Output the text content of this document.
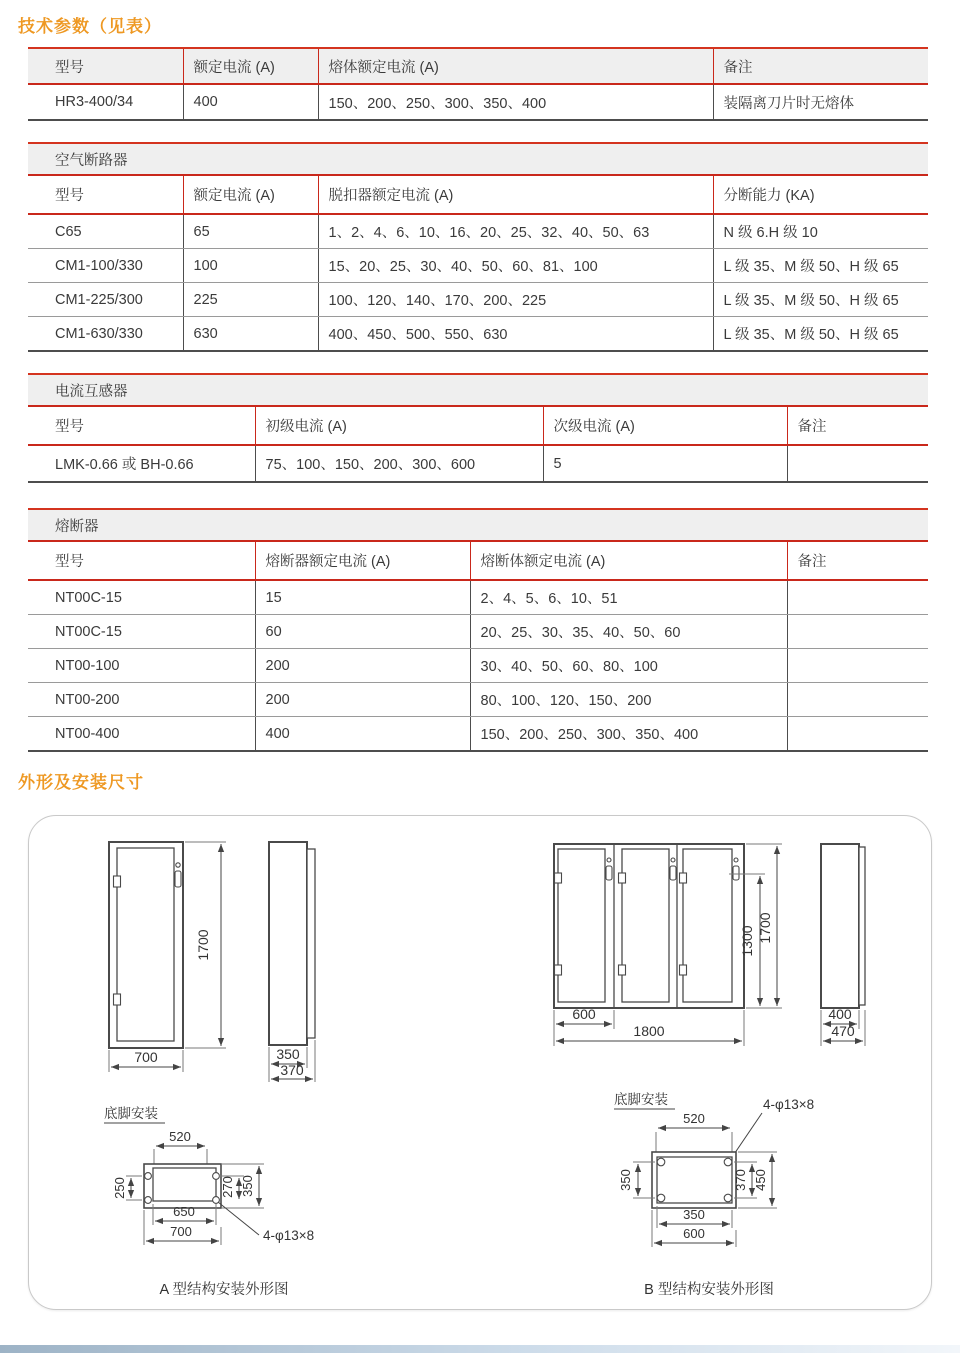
技术参数（见表）
型号	额定电流 (A)	熔体额定电流 (A)	备注
HR3-400/34	400	150、200、250、300、350、400	装隔离刀片时无熔体
空气断路器			
型号	额定电流 (A)	脱扣器额定电流 (A)	分断能力 (KA)
C65	65	1、2、4、6、10、16、20、25、32、40、50、63	N 级 6.H 级 10
CM1-100/330	100	15、20、25、30、40、50、60、81、100	L 级 35、M 级 50、H 级 65
CM1-225/300	225	100、120、140、170、200、225	L 级 35、M 级 50、H 级 65
CM1-630/330	630	400、450、500、550、630	L 级 35、M 级 50、H 级 65
电流互感器			
型号	初级电流 (A)	次级电流 (A)	备注
LMK-0.66 或 BH-0.66	75、100、150、200、300、600	5	
熔断器			
型号	熔断器额定电流 (A)	熔断体额定电流 (A)	备注
NT00C-15	15	2、4、5、6、10、51	
NT00C-15	60	20、25、30、35、40、50、60	
NT00-100	200	30、40、50、60、80、100	
NT00-200	200	80、100、120、150、200	
NT00-400	400	150、200、250、300、350、400	
外形及安装尺寸
1700
700	350
370
底脚安装
520
250	270 350
650
700	4-φ13×8
1300 1700
600
1800
400
470
底脚安装	4-φ13×8
520
350	370 450
350
600
A 型结构安装外形图	B 型结构安装外形图
